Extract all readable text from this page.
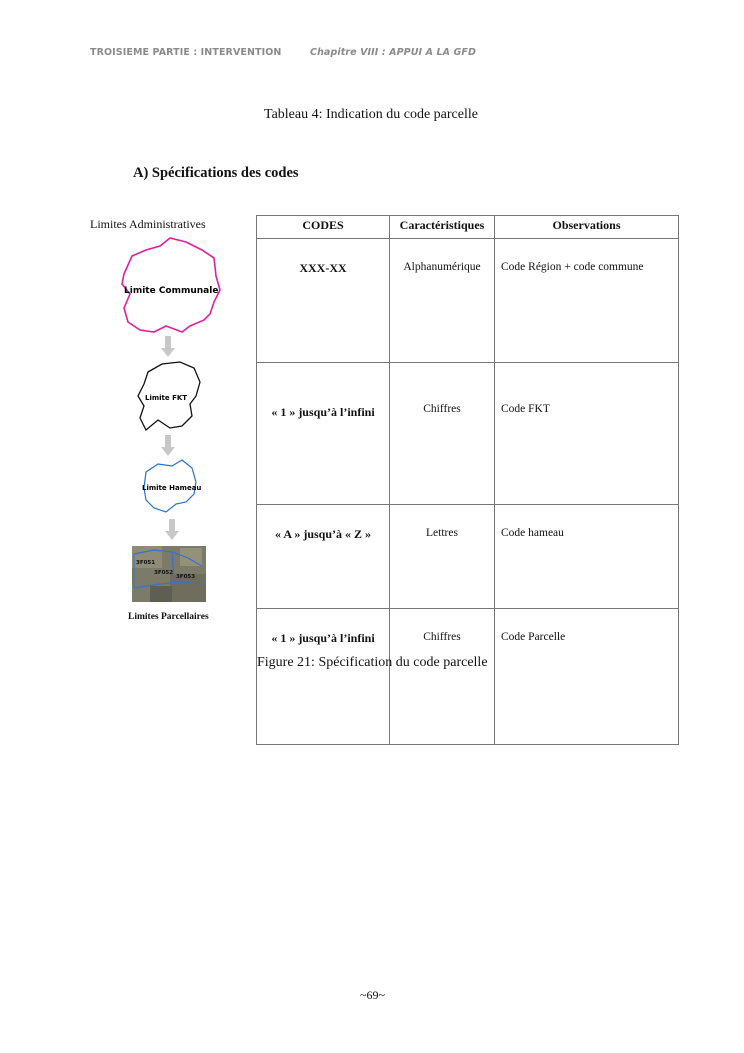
TROISIEME PARTIE : INTERVENTION	Chapitre VIII : APPUI A LA GFD
Tableau 4: Indication du code parcelle
A) Spécifications des codes
Limites Administratives
Limite Communale
Limite FKT
Limite Hameau
3F051
3F052
3F053
Limites Parcellaires
CODES	Caractéristiques	Observations
XXX-XX	Alphanumérique	Code Région + code commune
« 1 » jusqu’à l’infini	Chiffres	Code FKT
« A » jusqu’à « Z »	Lettres	Code hameau
« 1 » jusqu’à l’infini	Chiffres	Code Parcelle
Figure 21: Spécification du code parcelle
~69~
